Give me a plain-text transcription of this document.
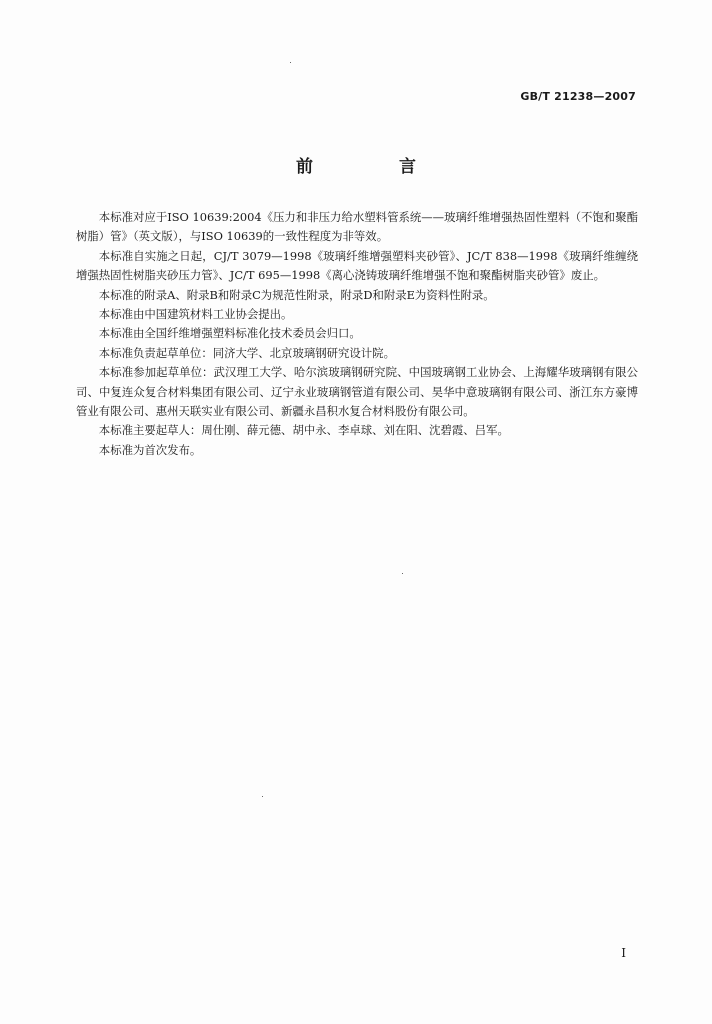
GB/T 21238—2007
前 言

本标准对应于ISO 10639:2004《压力和非压力给水塑料管系统——玻璃纤维增强热固性塑料（不饱和聚酯树脂）管》（英文版），与ISO 10639的一致性程度为非等效。

本标准自实施之日起，CJ/T 3079—1998《玻璃纤维增强塑料夹砂管》、JC/T 838—1998《玻璃纤维缠绕增强热固性树脂夹砂压力管》、JC/T 695—1998《离心浇铸玻璃纤维增强不饱和聚酯树脂夹砂管》废止。

本标准的附录A、附录B和附录C为规范性附录，附录D和附录E为资料性附录。

本标准由中国建筑材料工业协会提出。

本标准由全国纤维增强塑料标准化技术委员会归口。

本标准负责起草单位：同济大学、北京玻璃钢研究设计院。

本标准参加起草单位：武汉理工大学、哈尔滨玻璃钢研究院、中国玻璃钢工业协会、上海耀华玻璃钢有限公司、中复连众复合材料集团有限公司、辽宁永业玻璃钢管道有限公司、昊华中意玻璃钢有限公司、浙江东方豪博管业有限公司、惠州天联实业有限公司、新疆永昌积水复合材料股份有限公司。

本标准主要起草人：周仕刚、薛元德、胡中永、李卓球、刘在阳、沈碧霞、吕军。

本标准为首次发布。

I
